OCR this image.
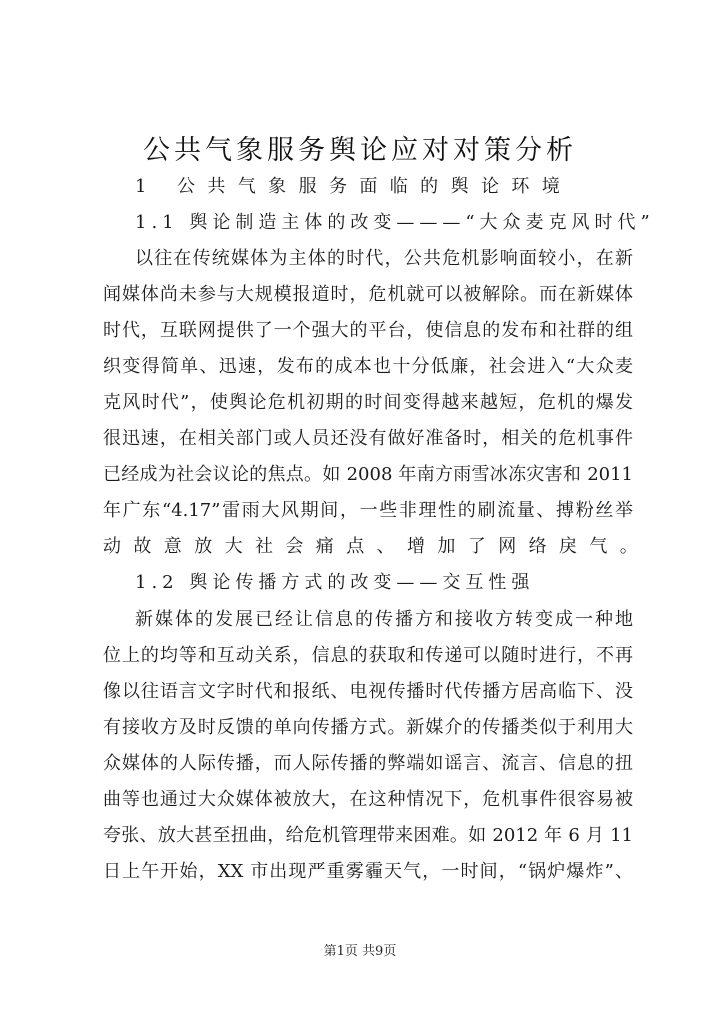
公共气象服务舆论应对对策分析
1 公共气象服务面临的舆论环境
1.1 舆论制造主体的改变———“大众麦克风时代”
以往在传统媒体为主体的时代，公共危机影响面较小，在新
闻媒体尚未参与大规模报道时，危机就可以被解除。而在新媒体
时代，互联网提供了一个强大的平台，使信息的发布和社群的组
织变得简单、迅速，发布的成本也十分低廉，社会进入“大众麦
克风时代”，使舆论危机初期的时间变得越来越短，危机的爆发
很迅速，在相关部门或人员还没有做好准备时，相关的危机事件
已经成为社会议论的焦点。如 2008 年南方雨雪冰冻灾害和 2011
年广东“4.17”雷雨大风期间，一些非理性的刷流量、搏粉丝举
动故意放大社会痛点、增加了网络戾气。
1.2 舆论传播方式的改变——交互性强
新媒体的发展已经让信息的传播方和接收方转变成一种地
位上的均等和互动关系，信息的获取和传递可以随时进行，不再
像以往语言文字时代和报纸、电视传播时代传播方居高临下、没
有接收方及时反馈的单向传播方式。新媒介的传播类似于利用大
众媒体的人际传播，而人际传播的弊端如谣言、流言、信息的扭
曲等也通过大众媒体被放大，在这种情况下，危机事件很容易被
夸张、放大甚至扭曲，给危机管理带来困难。如 2012 年 6 月 11
日上午开始，XX 市出现严重雾霾天气，一时间，“锅炉爆炸”、
第1页 共9页
